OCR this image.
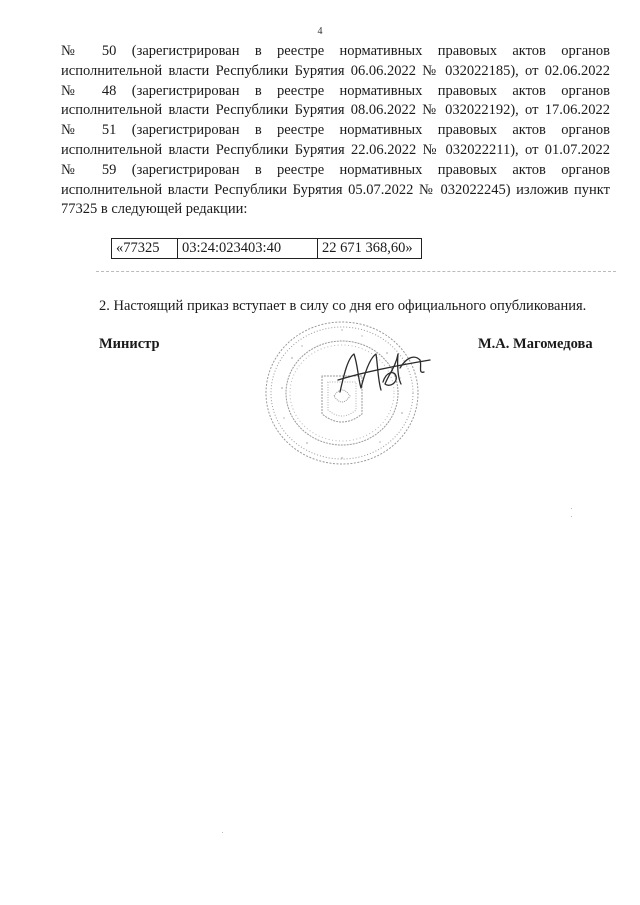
4
№ 50 (зарегистрирован в реестре нормативных правовых актов органов
исполнительной власти Республики Бурятия 06.06.2022 № 032022185), от 02.06.2022
№ 48 (зарегистрирован в реестре нормативных правовых актов органов
исполнительной власти Республики Бурятия 08.06.2022 № 032022192), от 17.06.2022
№ 51 (зарегистрирован в реестре нормативных правовых актов органов
исполнительной власти Республики Бурятия 22.06.2022 № 032022211), от 01.07.2022
№ 59 (зарегистрирован в реестре нормативных правовых актов органов
исполнительной власти Республики Бурятия 05.07.2022 № 032022245) изложив пункт
77325 в следующей редакции:
«77325	03:24:023403:40	22 671 368,60»
2. Настоящий приказ вступает в силу со дня его официального опубликования.
Министр	М.А. Магомедова
